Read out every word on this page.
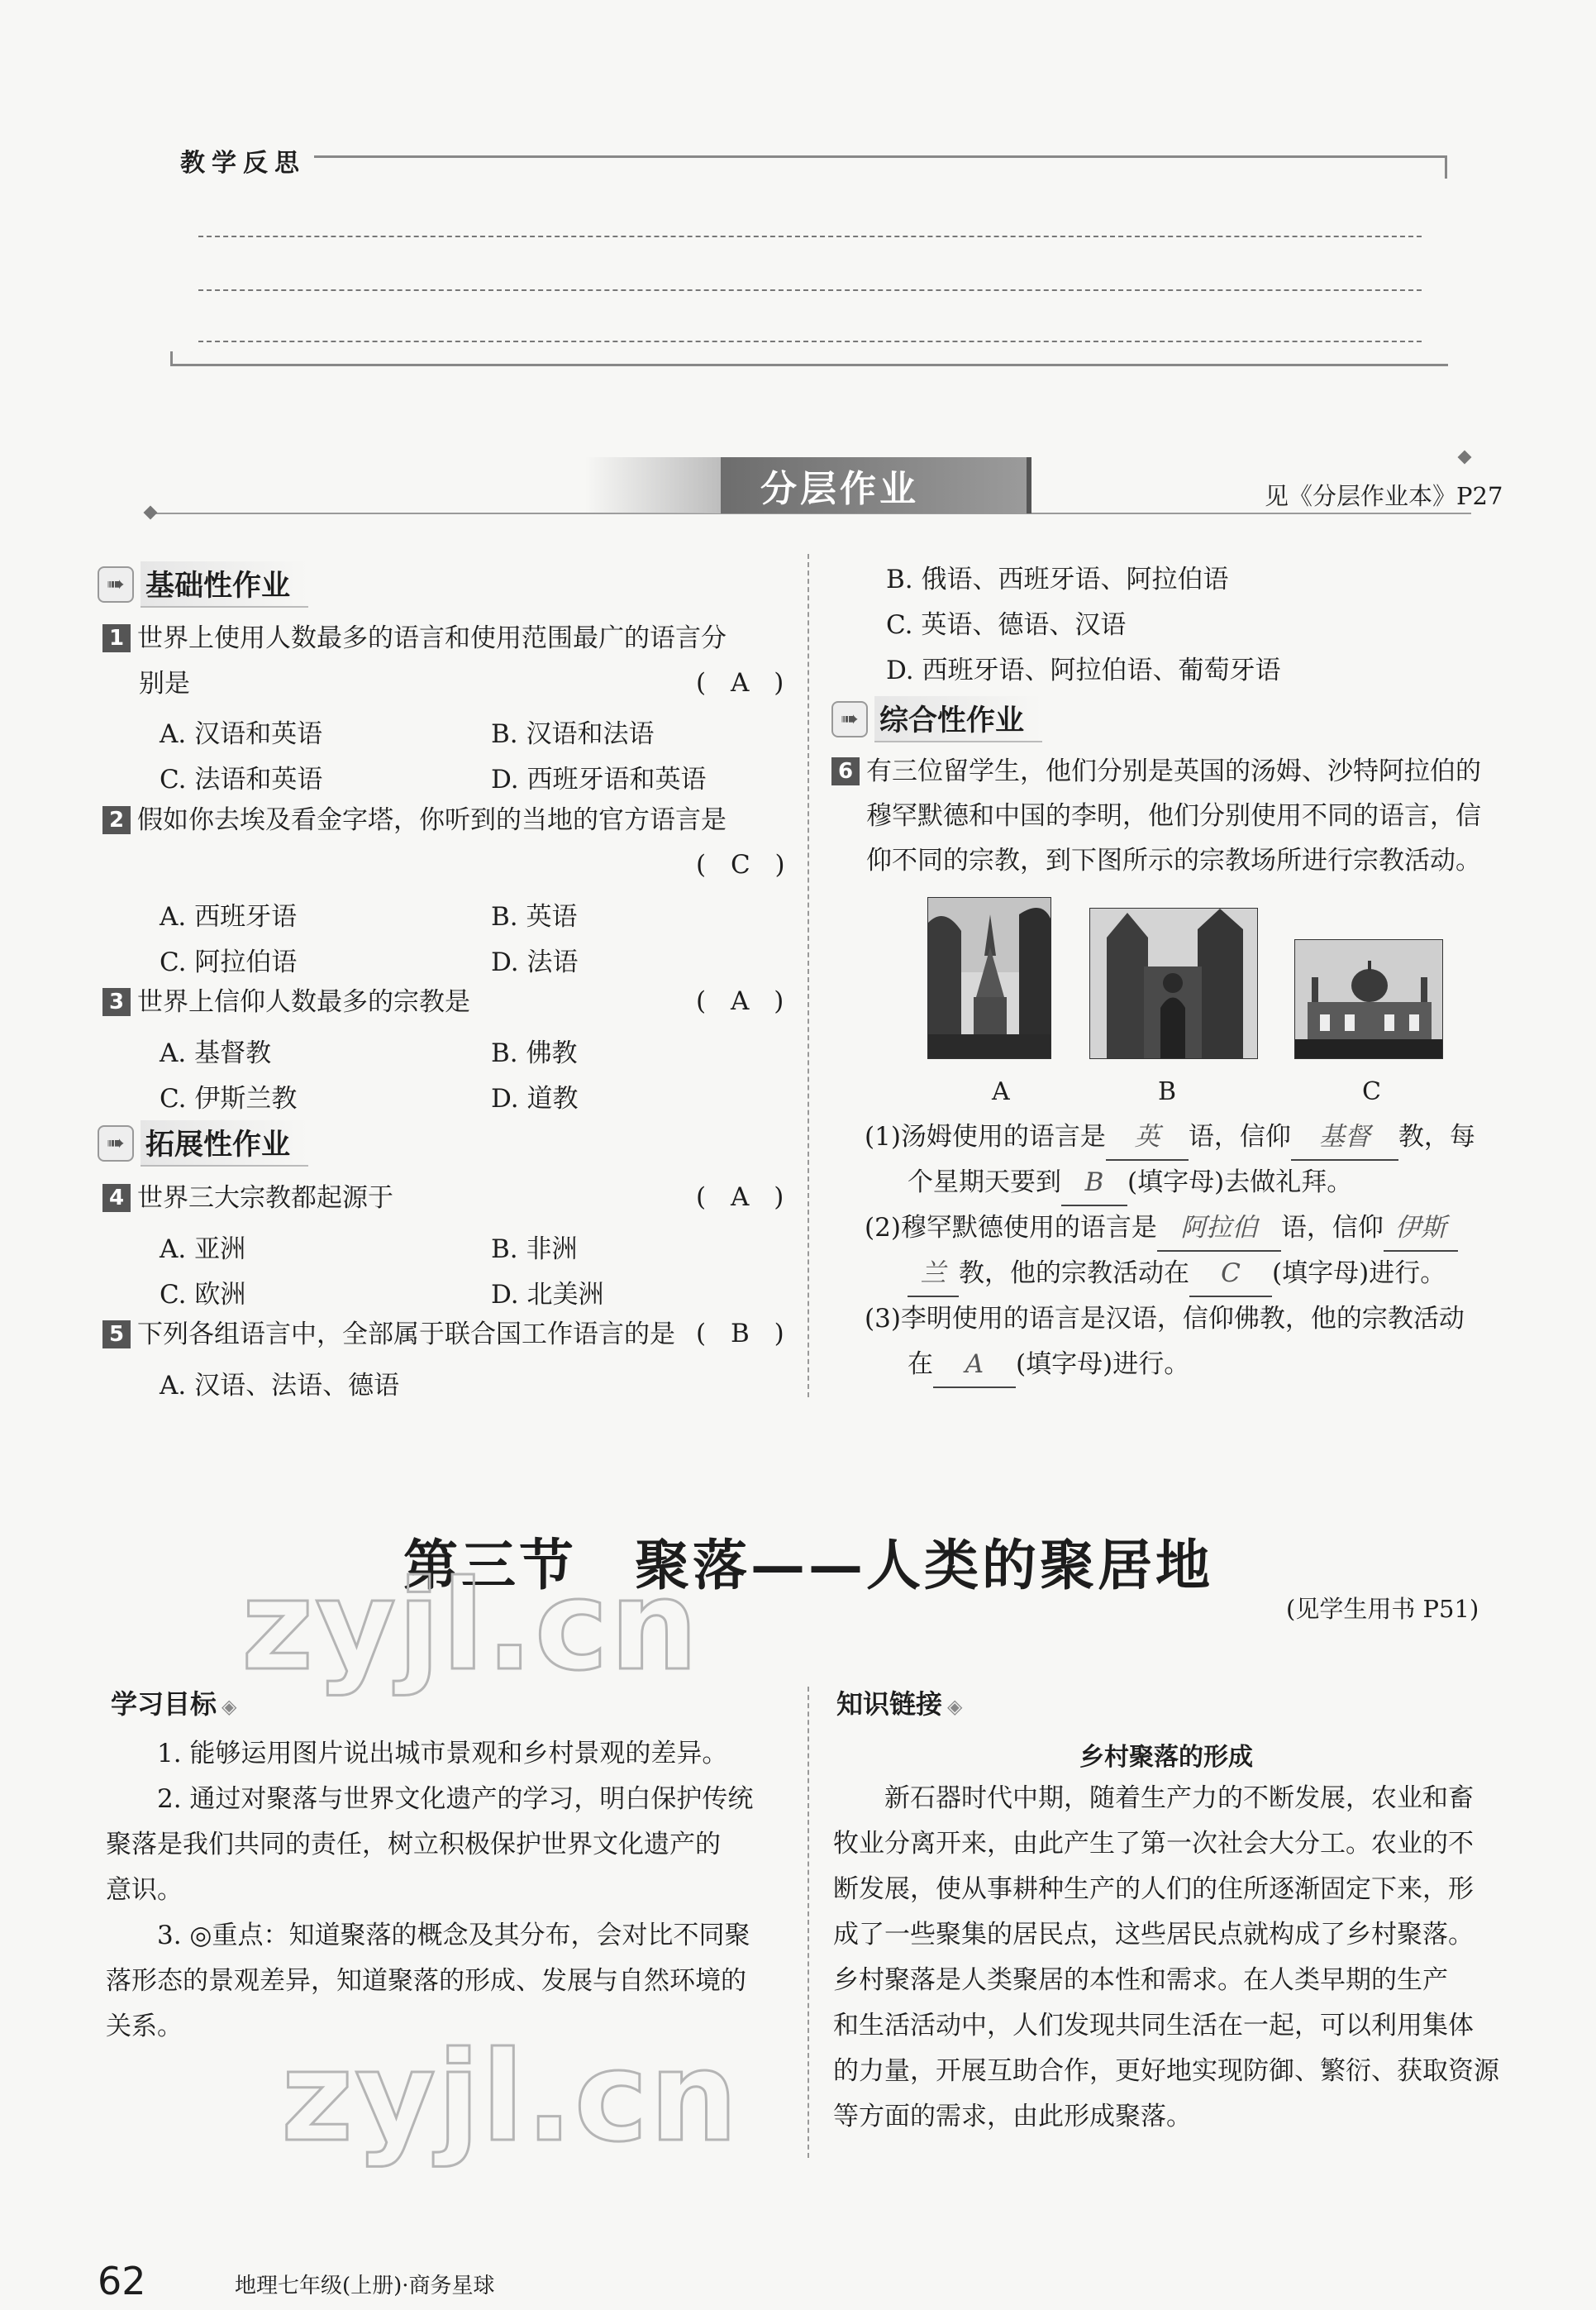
教学反思
分层作业	见《分层作业本》P27
➠ 基础性作业
1 世界上使用人数最多的语言和使用范围最广的语言分
别是	( A )
A. 汉语和英语	B. 汉语和法语
C. 法语和英语	D. 西班牙语和英语
2 假如你去埃及看金字塔，你听到的当地的官方语言是
( C )
A. 西班牙语	B. 英语
C. 阿拉伯语	D. 法语
3 世界上信仰人数最多的宗教是	( A )
A. 基督教	B. 佛教
C. 伊斯兰教	D. 道教
➠ 拓展性作业
4 世界三大宗教都起源于	( A )
A. 亚洲	B. 非洲
C. 欧洲	D. 北美洲
5 下列各组语言中，全部属于联合国工作语言的是 ( B )
A. 汉语、法语、德语
B. 俄语、西班牙语、阿拉伯语
C. 英语、德语、汉语
D. 西班牙语、阿拉伯语、葡萄牙语
➠ 综合性作业
6 有三位留学生，他们分别是英国的汤姆、沙特阿拉伯的
穆罕默德和中国的李明，他们分别使用不同的语言，信
仰不同的宗教，到下图所示的宗教场所进行宗教活动。
A	B	C
(1)汤姆使用的语言是 英 语，信仰 基督 教，每
个星期天要到 B (填字母)去做礼拜。
(2)穆罕默德使用的语言是 阿拉伯 语，信仰 伊斯
兰 教，他的宗教活动在 C (填字母)进行。
(3)李明使用的语言是汉语，信仰佛教，他的宗教活动
在 A (填字母)进行。
第三节　聚落——人类的聚居地
(见学生用书 P51)
zyjl.cn
学习目标 ◈
1. 能够运用图片说出城市景观和乡村景观的差异。
2. 通过对聚落与世界文化遗产的学习，明白保护传统
聚落是我们共同的责任，树立积极保护世界文化遗产的
意识。
3. ◎重点：知道聚落的概念及其分布，会对比不同聚
落形态的景观差异，知道聚落的形成、发展与自然环境的
关系。 zyjl.cn
知识链接 ◈
乡村聚落的形成
新石器时代中期，随着生产力的不断发展，农业和畜
牧业分离开来，由此产生了第一次社会大分工。农业的不
断发展，使从事耕种生产的人们的住所逐渐固定下来，形
成了一些聚集的居民点，这些居民点就构成了乡村聚落。
乡村聚落是人类聚居的本性和需求。在人类早期的生产
和生活活动中，人们发现共同生活在一起，可以利用集体
的力量，开展互助合作，更好地实现防御、繁衍、获取资源
等方面的需求，由此形成聚落。
62	地理七年级(上册)·商务星球
